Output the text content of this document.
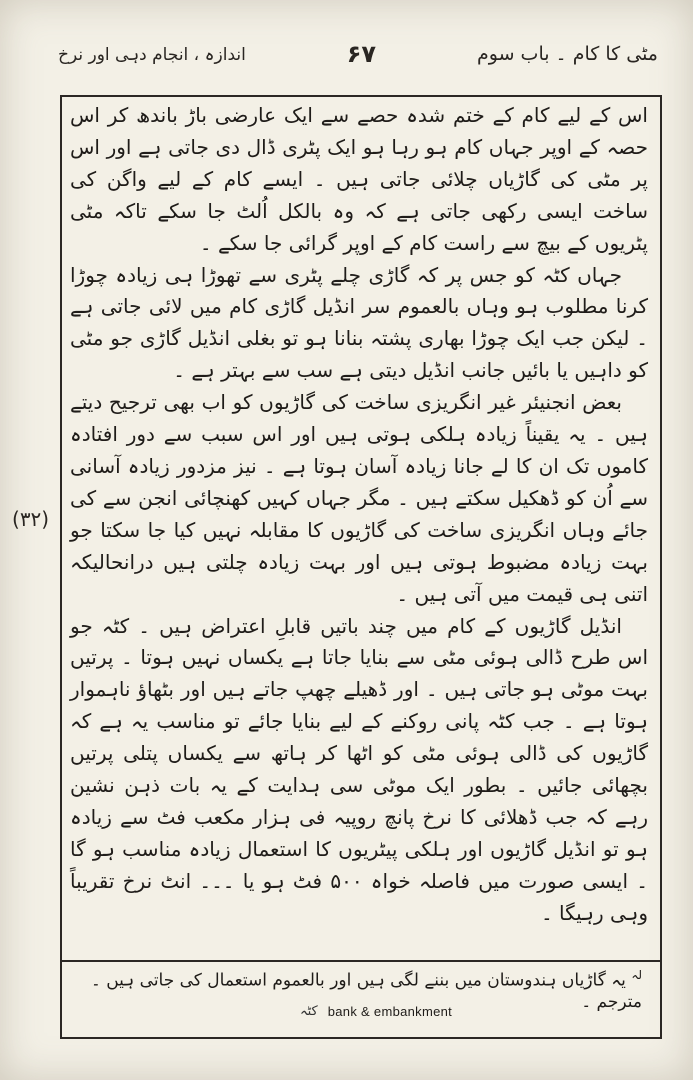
مٹی کا کام ۔ باب سوم
۶۷
اندازہ ، انجام دہی اور نرخ

اس کے لیے کام کے ختم شدہ حصے سے ایک عارضی باڑ باندھ کر اس حصہ کے اوپر جہاں کام ہو رہا ہو ایک پٹری ڈال دی جاتی ہے اور اس پر مٹی کی گاڑیاں چلائی جاتی ہیں ۔ ایسے کام کے لیے واگن کی ساخت ایسی رکھی جاتی ہے کہ وہ بالکل اُلٹ جا سکے تاکہ مٹی پٹریوں کے بیچ سے راست کام کے اوپر گرائی جا سکے ۔

جہاں کٹہ کو جس پر کہ گاڑی چلے پٹری سے تھوڑا ہی زیادہ چوڑا کرنا مطلوب ہو وہاں بالعموم سر انڈیل گاڑی کام میں لائی جاتی ہے ۔ لیکن جب ایک چوڑا بھاری پشتہ بنانا ہو تو بغلی انڈیل گاڑی جو مٹی کو داہیں یا بائیں جانب انڈیل دیتی ہے سب سے بہتر ہے ۔

بعض انجنیئر غیر انگریزی ساخت کی گاڑیوں کو اب بھی ترجیح دیتے ہیں ۔ یہ یقیناً زیادہ ہلکی ہوتی ہیں اور اس سبب سے دور افتادہ کاموں تک ان کا لے جانا زیادہ آسان ہوتا ہے ۔ نیز مزدور زیادہ آسانی سے اُن کو ڈھکیل سکتے ہیں ۔ مگر جہاں کہیں کھنچائی انجن سے کی جائے وہاں انگریزی ساخت کی گاڑیوں کا مقابلہ نہیں کیا جا سکتا جو بہت زیادہ مضبوط ہوتی ہیں اور بہت زیادہ چلتی ہیں درانحالیکہ اتنی ہی قیمت میں آتی ہیں ۔

انڈیل گاڑیوں کے کام میں چند باتیں قابلِ اعتراض ہیں ۔ کٹہ جو اس طرح ڈالی ہوئی مٹی سے بنایا جاتا ہے یکساں نہیں ہوتا ۔ پرتیں بہت موٹی ہو جاتی ہیں ۔ اور ڈھیلے چھپ جاتے ہیں اور بٹھاؤ ناہموار ہوتا ہے ۔ جب کٹہ پانی روکنے کے لیے بنایا جائے تو مناسب یہ ہے کہ گاڑیوں کی ڈالی ہوئی مٹی کو اٹھا کر ہاتھ سے یکساں پتلی پرتیں بچھائی جائیں ۔ بطور ایک موٹی سی ہدایت کے یہ بات ذہن نشین رہے کہ جب ڈھلائی کا نرخ پانچ روپیہ فی ہزار مکعب فٹ سے زیادہ ہو تو انڈیل گاڑیوں اور ہلکی پیٹریوں کا استعمال زیادہ مناسب ہو گا ۔ ایسی صورت میں فاصلہ خواہ ۵۰۰ فٹ ہو یا ۔۔۔ انٹ نرخ تقریباً وہی رہیگا ۔

(۳۲)
$^{لہ}$ یہ گاڑیاں ہندوستان میں بننے لگی ہیں اور بالعموم استعمال کی جاتی ہیں ۔ مترجم ۔
کٹہ bank & embankment
